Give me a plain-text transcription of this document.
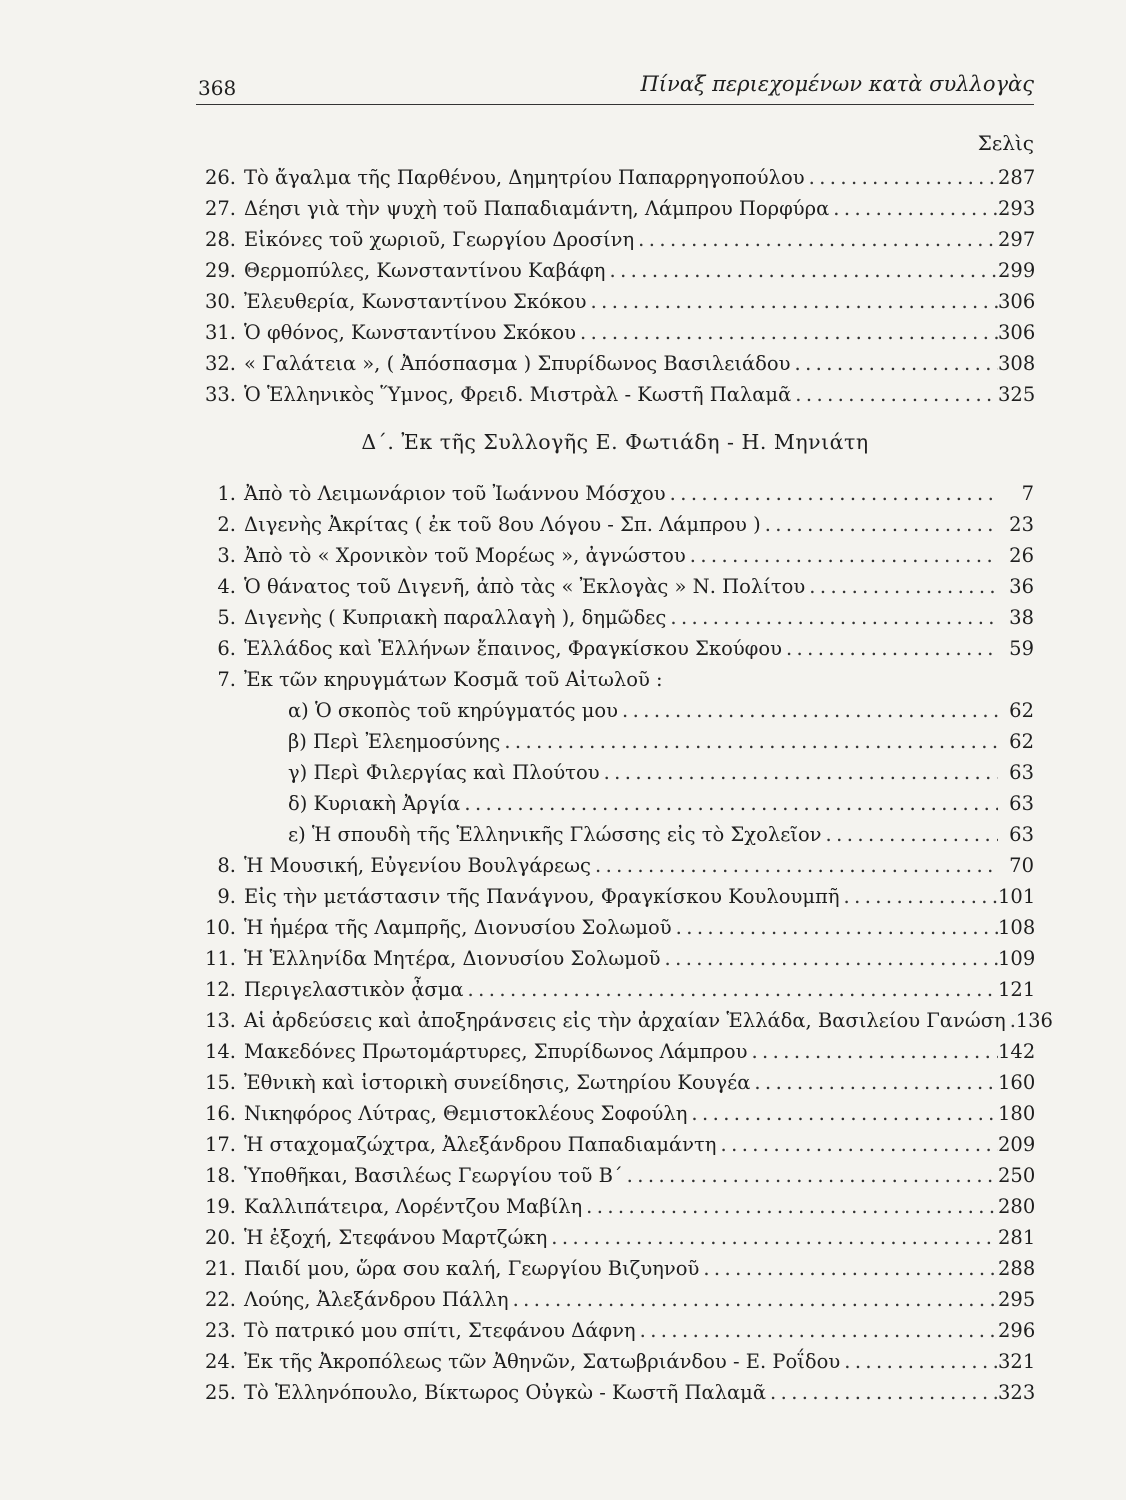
368	Πίναξ περιεχομένων κατὰ συλλογὰς
Σελὶς
26. Τὸ ἄγαλμα τῆς Παρθένου, Δημητρίου Παπαρρηγοπούλου .....	287
27. Δέησι γιὰ τὴν ψυχὴ τοῦ Παπαδιαμάντη, Λάμπρου Πορφύρα .....	293
28. Εἰκόνες τοῦ χωριοῦ, Γεωργίου Δροσίνη .....	297
29. Θερμοπύλες, Κωνσταντίνου Καβάφη .....	299
30. Ἐλευθερία, Κωνσταντίνου Σκόκου .....	306
31. Ὁ φθόνος, Κωνσταντίνου Σκόκου .....	306
32. « Γαλάτεια », ( Ἀπόσπασμα ) Σπυρίδωνος Βασιλειάδου .....	308
33. Ὁ Ἑλληνικὸς Ὕμνος, Φρειδ. Μιστρὰλ - Κωστῆ Παλαμᾶ .....	325
Δ΄. Ἐκ τῆς Συλλογῆς Ε. Φωτιάδη - Η. Μηνιάτη
1. Ἀπὸ τὸ Λειμωνάριον τοῦ Ἰωάννου Μόσχου .....	7
2. Διγενὴς Ἀκρίτας ( ἐκ τοῦ 8ου Λόγου - Σπ. Λάμπρου ) .....	23
3. Ἀπὸ τὸ « Χρονικὸν τοῦ Μορέως », ἀγνώστου .....	26
4. Ὁ θάνατος τοῦ Διγενῆ, ἀπὸ τὰς « Ἐκλογὰς » Ν. Πολίτου .....	36
5. Διγενὴς ( Κυπριακὴ παραλλαγὴ ), δημῶδες .....	38
6. Ἑλλάδος καὶ Ἑλλήνων ἔπαινος, Φραγκίσκου Σκούφου .....	59
7. Ἐκ τῶν κηρυγμάτων Κοσμᾶ τοῦ Αἰτωλοῦ :
α) Ὁ σκοπὸς τοῦ κηρύγματός μου .....	62
β) Περὶ Ἐλεημοσύνης .....	62
γ) Περὶ Φιλεργίας καὶ Πλούτου .....	63
δ) Κυριακὴ Ἀργία .....	63
ε) Ἡ σπουδὴ τῆς Ἑλληνικῆς Γλώσσης εἰς τὸ Σχολεῖον .....	63
8. Ἡ Μουσική, Εὐγενίου Βουλγάρεως .....	70
9. Εἰς τὴν μετάστασιν τῆς Πανάγνου, Φραγκίσκου Κουλουμπῆ .....	101
10. Ἡ ἡμέρα τῆς Λαμπρῆς, Διονυσίου Σολωμοῦ .....	108
11. Ἡ Ἑλληνίδα Μητέρα, Διονυσίου Σολωμοῦ .....	109
12. Περιγελαστικὸν ᾆσμα .....	121
13. Αἱ ἀρδεύσεις καὶ ἀποξηράνσεις εἰς τὴν ἀρχαίαν Ἑλλάδα, Βασιλείου Γανώση ..... 136
14. Μακεδόνες Πρωτομάρτυρες, Σπυρίδωνος Λάμπρου .....	142
15. Ἐθνικὴ καὶ ἱστορικὴ συνείδησις, Σωτηρίου Κουγέα .....	160
16. Νικηφόρος Λύτρας, Θεμιστοκλέους Σοφούλη .....	180
17. Ἡ σταχομαζώχτρα, Ἀλεξάνδρου Παπαδιαμάντη .....	209
18. Ὑποθῆκαι, Βασιλέως Γεωργίου τοῦ Β΄ .....	250
19. Καλλιπάτειρα, Λορέντζου Μαβίλη .....	280
20. Ἡ ἐξοχή, Στεφάνου Μαρτζώκη .....	281
21. Παιδί μου, ὥρα σου καλή, Γεωργίου Βιζυηνοῦ .....	288
22. Λούης, Ἀλεξάνδρου Πάλλη .....	295
23. Τὸ πατρικό μου σπίτι, Στεφάνου Δάφνη .....	296
24. Ἐκ τῆς Ἀκροπόλεως τῶν Ἀθηνῶν, Σατωβριάνδου - Ε. Ροΐδου .....	321
25. Τὸ Ἑλληνόπουλο, Βίκτωρος Οὐγκὼ - Κωστῆ Παλαμᾶ .....	323
